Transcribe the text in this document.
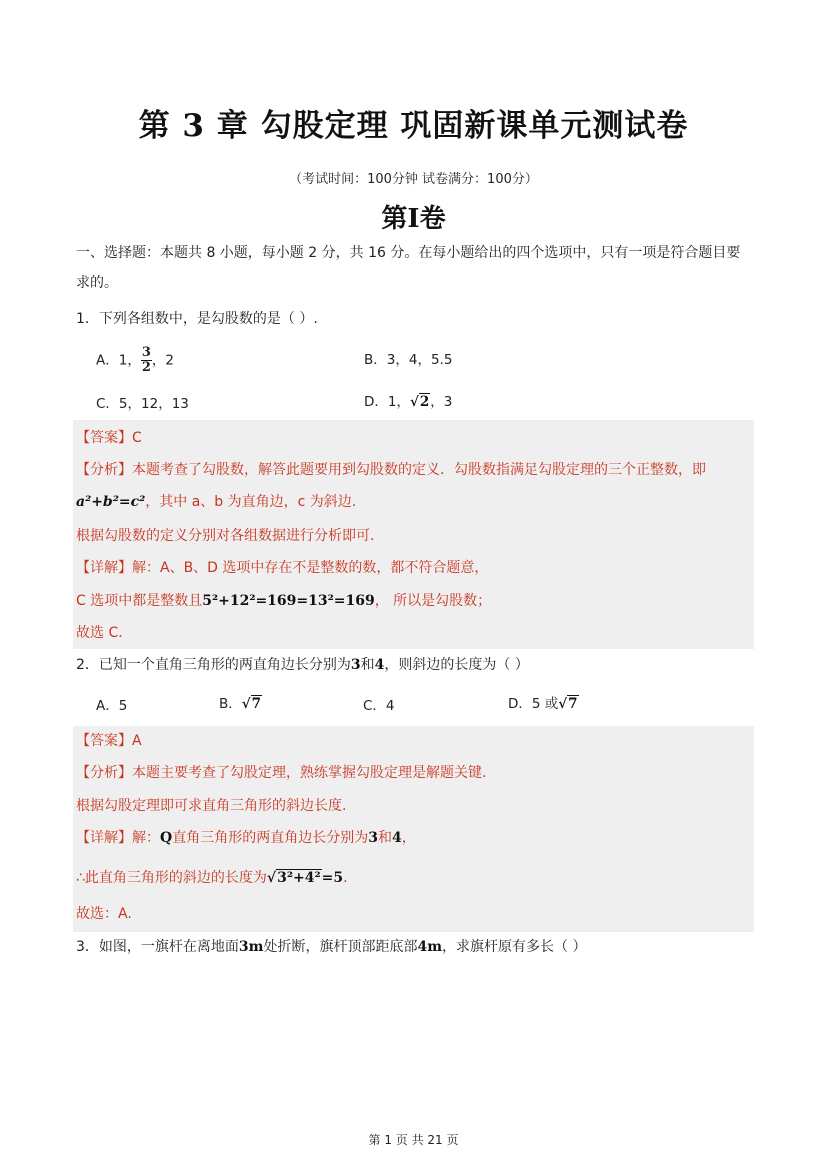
第 3 章 勾股定理 巩固新课单元测试卷
（考试时间：100分钟 试卷满分：100分）
第I卷
一、选择题：本题共 8 小题，每小题 2 分，共 16 分。在每小题给出的四个选项中，只有一项是符合题目要
求的。
1．下列各组数中，是勾股数的是（ ）.
A．1， $\frac{3}{2}$ ，2	B．3，4，5.5
C．5，12，13	D．1，√2，3
【答案】C
【分析】本题考查了勾股数，解答此题要用到勾股数的定义．勾股数指满足勾股定理的三个正整数，即
a²+b²=c²，其中 a、b 为直角边，c 为斜边.
根据勾股数的定义分别对各组数据进行分析即可.
【详解】解：A、B、D 选项中存在不是整数的数，都不符合题意，
C 选项中都是整数且5²+12²=169=13²=169， 所以是勾股数；
故选 C．
2．已知一个直角三角形的两直角边长分别为3和4，则斜边的长度为（ ）
A．5	B．√7	C．4	D．5 或√7
【答案】A
【分析】本题主要考查了勾股定理，熟练掌握勾股定理是解题关键.
根据勾股定理即可求直角三角形的斜边长度.
【详解】解：Q直角三角形的两直角边长分别为3和4，
∴此直角三角形的斜边的长度为√3²+4²=5.
故选：A.
3．如图，一旗杆在离地面3m处折断，旗杆顶部距底部4m，求旗杆原有多长（ ）
第 1 页 共 21 页
